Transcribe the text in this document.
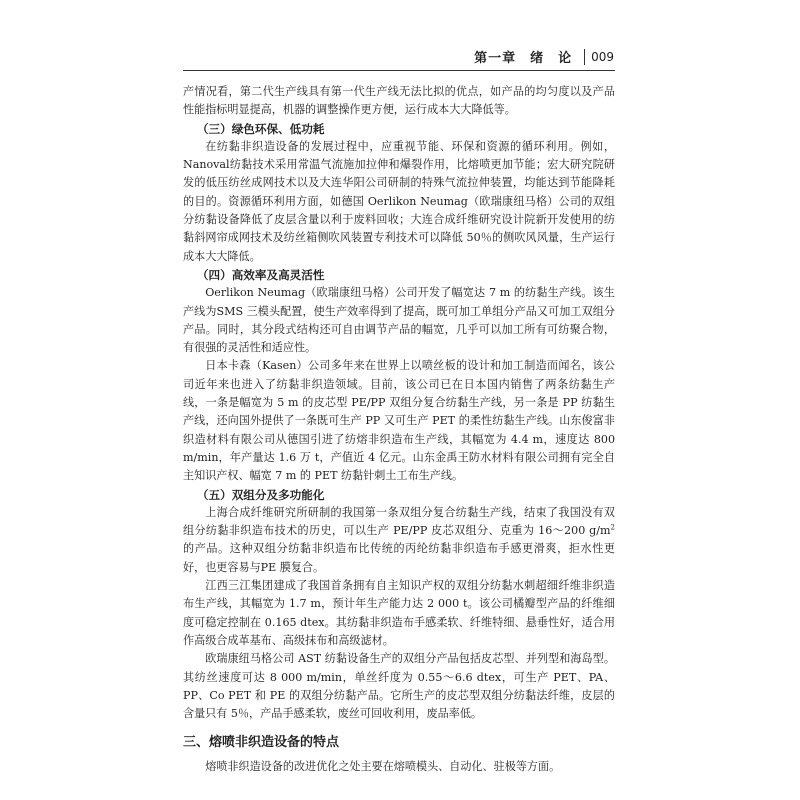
第一章　绪　论 009

产情况看，第二代生产线具有第一代生产线无法比拟的优点，如产品的均匀度以及产品性能指标明显提高，机器的调整操作更方便，运行成本大大降低等。

（三）绿色环保、低功耗

在纺黏非织造设备的发展过程中，应重视节能、环保和资源的循环利用。例如，Nanoval纺黏技术采用常温气流施加拉伸和爆裂作用，比熔喷更加节能；宏大研究院研发的低压纺丝成网技术以及大连华阳公司研制的特殊气流拉伸装置，均能达到节能降耗的目的。资源循环利用方面，如德国 Oerlikon Neumag（欧瑞康纽马格）公司的双组分纺黏设备降低了皮层含量以利于废料回收；大连合成纤维研究设计院新开发使用的纺黏斜网帘成网技术及纺丝箱侧吹风装置专利技术可以降低 50％的侧吹风风量，生产运行成本大大降低。

（四）高效率及高灵活性

Oerlikon Neumag（欧瑞康纽马格）公司开发了幅宽达 7 m 的纺黏生产线。该生产线为SMS 三模头配置，使生产效率得到了提高，既可加工单组分产品又可加工双组分产品。同时，其分段式结构还可自由调节产品的幅宽，几乎可以加工所有可纺聚合物，有很强的灵活性和适应性。

日本卡森（Kasen）公司多年来在世界上以喷丝板的设计和加工制造而闻名，该公司近年来也进入了纺黏非织造领域。目前，该公司已在日本国内销售了两条纺黏生产线，一条是幅宽为 5 m 的皮芯型 PE/PP 双组分复合纺黏生产线，另一条是 PP 纺黏生产线，还向国外提供了一条既可生产 PP 又可生产 PET 的柔性纺黏生产线。山东俊富非织造材料有限公司从德国引进了纺熔非织造布生产线，其幅宽为 4.4 m，速度达 800 m/min，年产量达 1.6 万 t，产值近 4 亿元。山东金禹王防水材料有限公司拥有完全自主知识产权、幅宽 7 m 的 PET 纺黏针刺土工布生产线。

（五）双组分及多功能化

上海合成纤维研究所研制的我国第一条双组分复合纺黏生产线，结束了我国没有双组分纺黏非织造布技术的历史，可以生产 PE/PP 皮芯双组分、克重为 16～200 $g/m^2$ 的产品。这种双组分纺黏非织造布比传统的丙纶纺黏非织造布手感更滑爽，拒水性更好，也更容易与PE 膜复合。

江西三江集团建成了我国首条拥有自主知识产权的双组分纺黏水刺超细纤维非织造布生产线，其幅宽为 1.7 m，预计年生产能力达 2 000 t。该公司橘瓣型产品的纤维细度可稳定控制在 0.165 dtex。其纺黏非织造布手感柔软、纤维特细、悬垂性好，适合用作高级合成革基布、高级抹布和高级滤材。

欧瑞康纽马格公司 AST 纺黏设备生产的双组分产品包括皮芯型、并列型和海岛型。其纺丝速度可达 8 000 m/min，单丝纤度为 0.55～6.6 dtex，可生产 PET、PA、PP、Co PET 和 PE 的双组分纺黏产品。它所生产的皮芯型双组分纺黏法纤维，皮层的含量只有 5％，产品手感柔软，废丝可回收利用，废品率低。

三、熔喷非织造设备的特点

熔喷非织造设备的改进优化之处主要在熔喷模头、自动化、驻极等方面。
